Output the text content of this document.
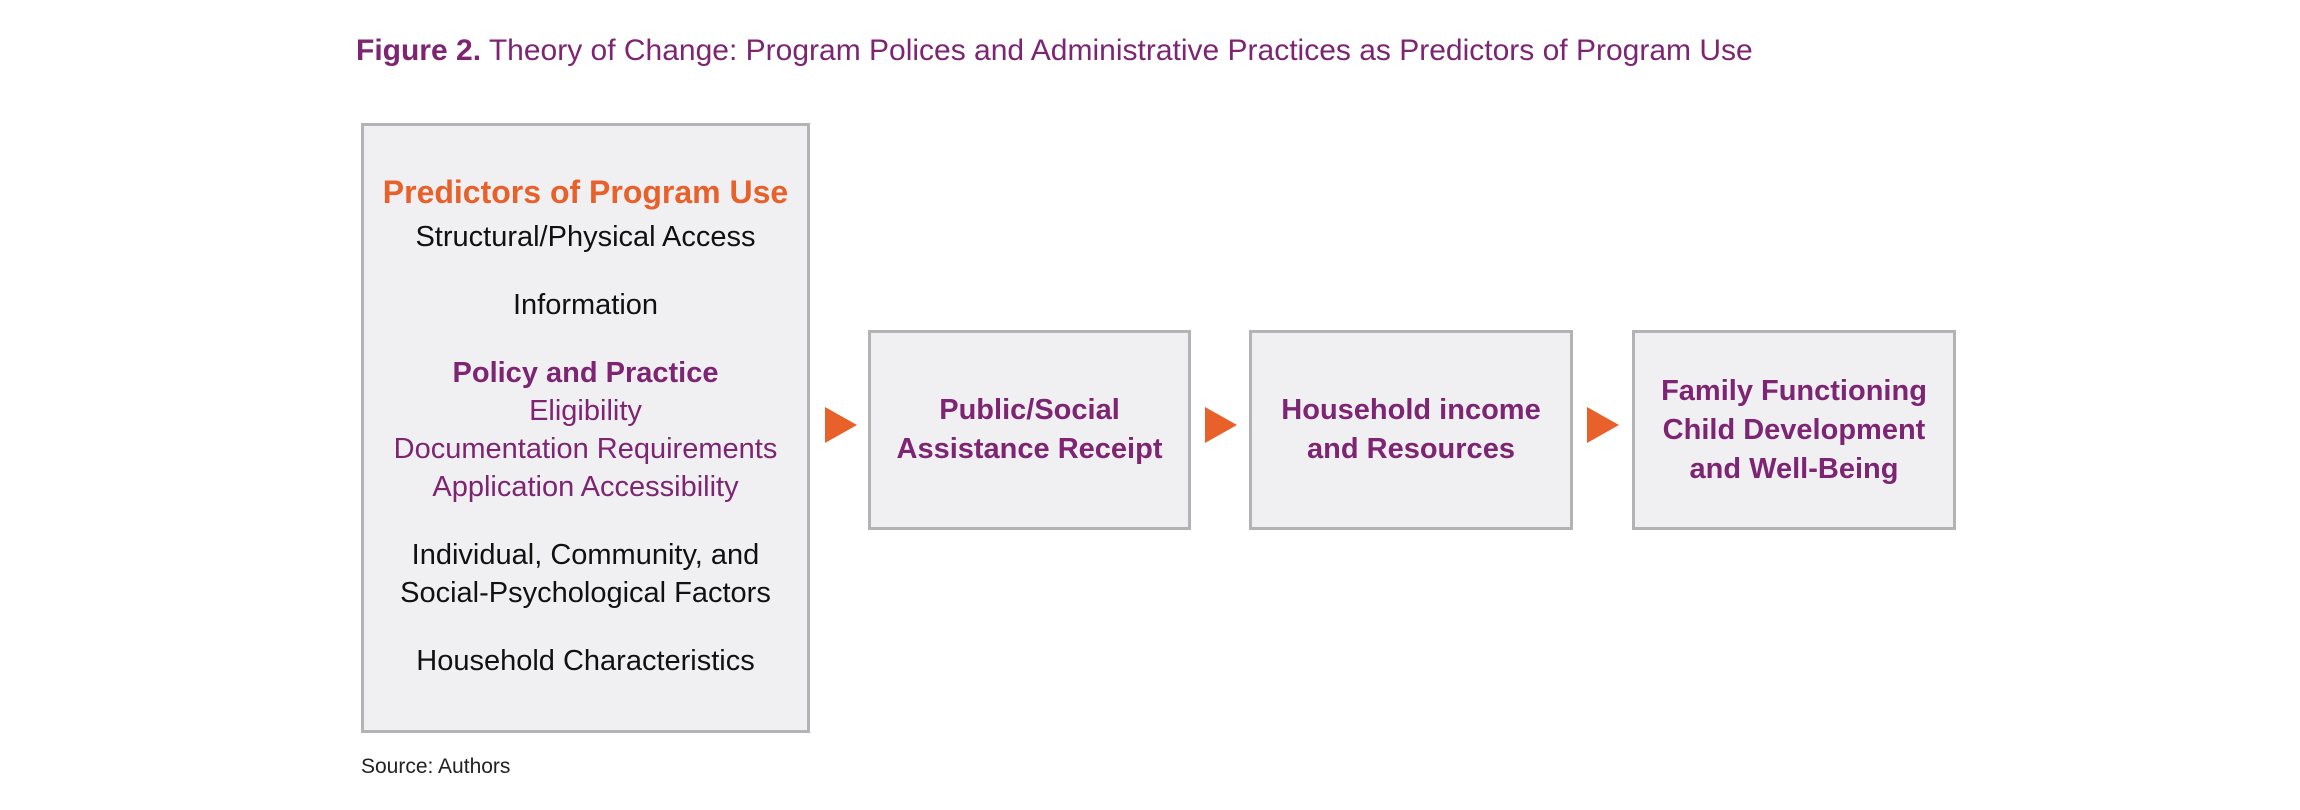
Figure 2. Theory of Change: Program Polices and Administrative Practices as Predictors of Program Use
Predictors of Program Use
Structural/Physical Access
Information
Policy and Practice
Eligibility
Documentation Requirements
Application Accessibility
Individual, Community, and
Social-Psychological Factors
Household Characteristics
Public/Social
Assistance Receipt
Household income
and Resources
Family Functioning
Child Development
and Well-Being
Source: Authors
